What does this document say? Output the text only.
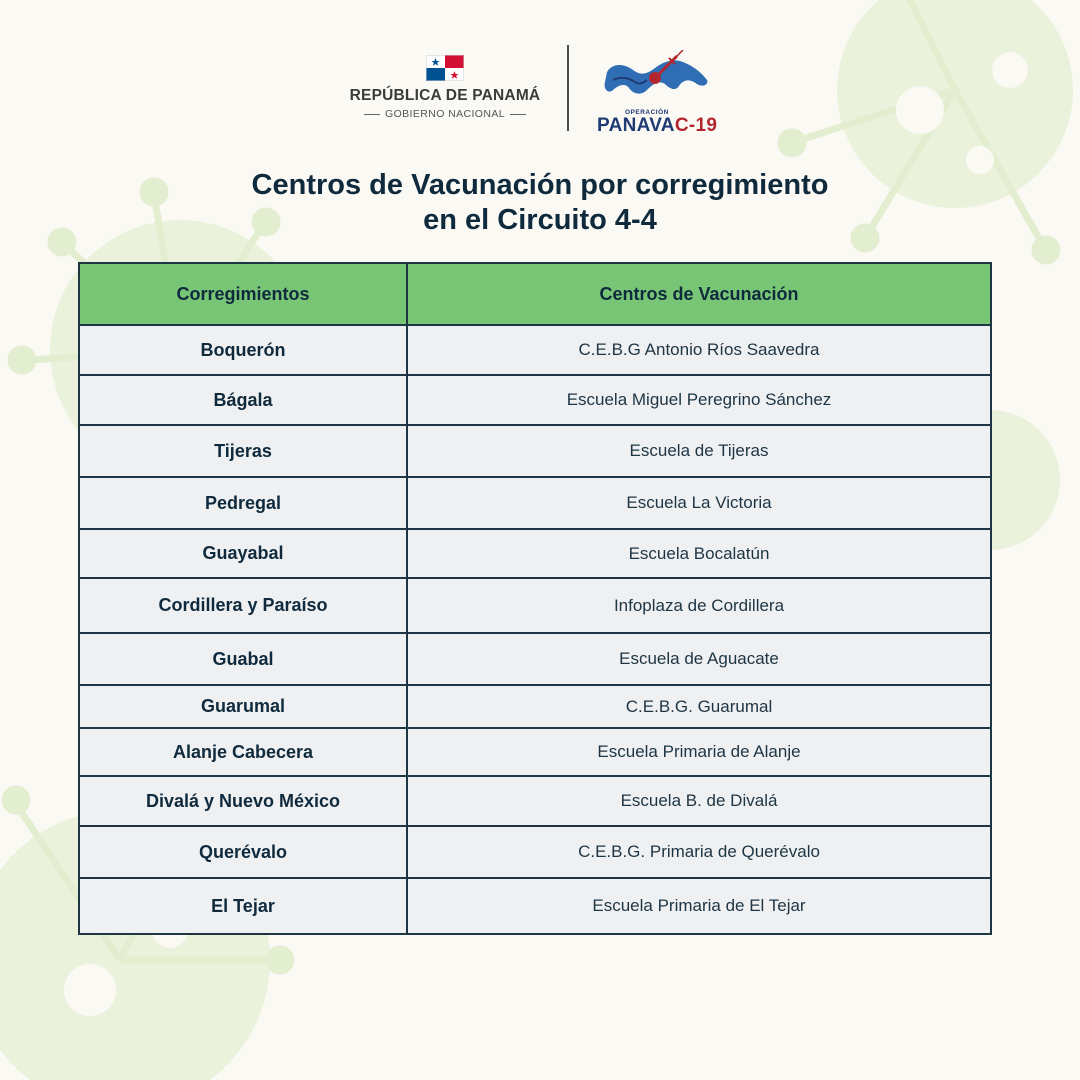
REPÚBLICA DE PANAMÁ
GOBIERNO NACIONAL	OPERACIÓN
PANAVAC-19
Centros de Vacunación por corregimiento
en el Circuito 4-4
Corregimientos	Centros de Vacunación
Boquerón	C.E.B.G Antonio Ríos Saavedra
Bágala	Escuela Miguel Peregrino Sánchez
Tijeras	Escuela de Tijeras
Pedregal	Escuela La Victoria
Guayabal	Escuela Bocalatún
Cordillera y Paraíso	Infoplaza de Cordillera
Guabal	Escuela de Aguacate
Guarumal	C.E.B.G. Guarumal
Alanje Cabecera	Escuela Primaria de Alanje
Divalá y Nuevo México	Escuela B. de Divalá
Querévalo	C.E.B.G. Primaria de Querévalo
El Tejar	Escuela Primaria de El Tejar
